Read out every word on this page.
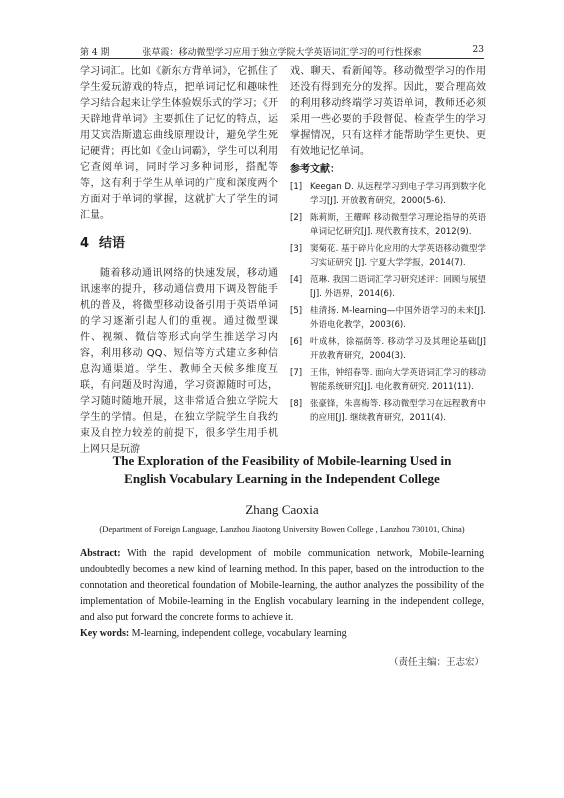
第 4 期	张草霞：移动微型学习应用于独立学院大学英语词汇学习的可行性探索	23

学习词汇。比如《新东方背单词》，它抓住了学生爱玩游戏的特点，把单词记忆和趣味性学习结合起来让学生体验娱乐式的学习；《开天辟地背单词》主要抓住了记忆的特点，运用艾宾浩斯遗忘曲线原理设计，避免学生死记硬背；再比如《金山词霸》，学生可以利用它查阅单词，同时学习多种词形，搭配等等，这有利于学生从单词的广度和深度两个方面对于单词的掌握，这就扩大了学生的词汇量。

4 结语

随着移动通讯网络的快速发展，移动通讯速率的提升，移动通信费用下调及智能手机的普及，将微型移动设备引用于英语单词的学习逐渐引起人们的重视。通过微型课件、视频、微信等形式向学生推送学习内容，利用移动 QQ、短信等方式建立多种信息沟通渠道。学生、教师全天候多维度互联，有问题及时沟通，学习资源随时可达，学习随时随地开展，这非常适合独立学院大学生的学情。但是，在独立学院学生自我约束及自控力较差的前提下，很多学生用手机上网只是玩游

戏、聊天、看新闻等。移动微型学习的作用还没有得到充分的发挥。因此，要合理高效的利用移动终端学习英语单词，教师还必须采用一些必要的手段督促、检查学生的学习掌握情况，只有这样才能帮助学生更快、更有效地记忆单词。

参考文献：
[1] Keegan D. 从远程学习到电子学习再到数字化学习[J]. 开放教育研究，2000(5-6).
[2] 陈莉斯，王耀晖 移动微型学习理论指导的英语单词记忆研究[J]. 现代教育技术，2012(9).
[3] 窦菊花. 基于碎片化应用的大学英语移动微型学习实证研究 [J]. 宁夏大学学报，2014(7).
[4] 范琳. 我国二语词汇学习研究述评：回顾与展望[J]. 外语界，2014(6).
[5] 桂清扬. M-learning—中国外语学习的未来[J]. 外语电化教学，2003(6).
[6] 叶成林，徐福荫等. 移动学习及其理论基础[J] 开放教育研究，2004(3).
[7] 王伟，钟绍春等. 面向大学英语词汇学习的移动智能系统研究[J]. 电化教育研究. 2011(11).
[8] 张豪锋，朱喜梅等. 移动微型学习在远程教育中的应用[J]. 继续教育研究，2011(4).
The Exploration of the Feasibility of Mobile-learning Used in
English Vocabulary Learning in the Independent College
Zhang Caoxia
(Department of Foreign Language, Lanzhou Jiaotong University Bowen College , Lanzhou 730101, China)
Abstract: With the rapid development of mobile communication network, Mobile-learning undoubtedly becomes a new kind of learning method. In this paper, based on the introduction to the connotation and theoretical foundation of Mobile-learning, the author analyzes the possibility of the implementation of Mobile-learning in the English vocabulary learning in the independent college, and also put forward the concrete forms to achieve it.
Key words: M-learning, independent college, vocabulary learning
（责任主编：王志宏）
